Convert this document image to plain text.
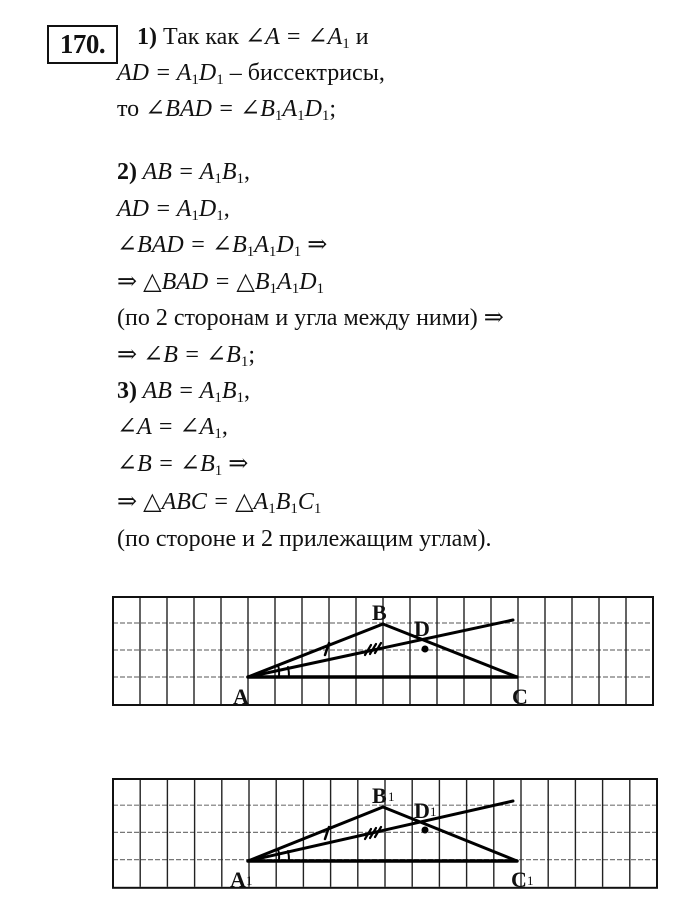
170.	1) Так как ∠A = $\angle A_1$ и
AD = $A_1D_1$ – биссектрисы,
то ∠BAD = $\angle B_1A_1D_1$;
2) AB = $A_1B_1$,
AD = $A_1D_1$,
∠BAD = $\angle B_1A_1D_1$ ⇒
⇒ △BAD = $\triangle B_1A_1D_1$
(по 2 сторонам и угла между ними) ⇒
⇒ ∠B = $\angle B_1$;
3) AB = $A_1B_1$,
∠A = $\angle A_1$,
∠B = $\angle B_1$ ⇒
⇒ △ABC = $\triangle A_1B_1C_1$
(по стороне и 2 прилежащим углам).
A
B
D
C
A 1
B 1
D 1
C 1
